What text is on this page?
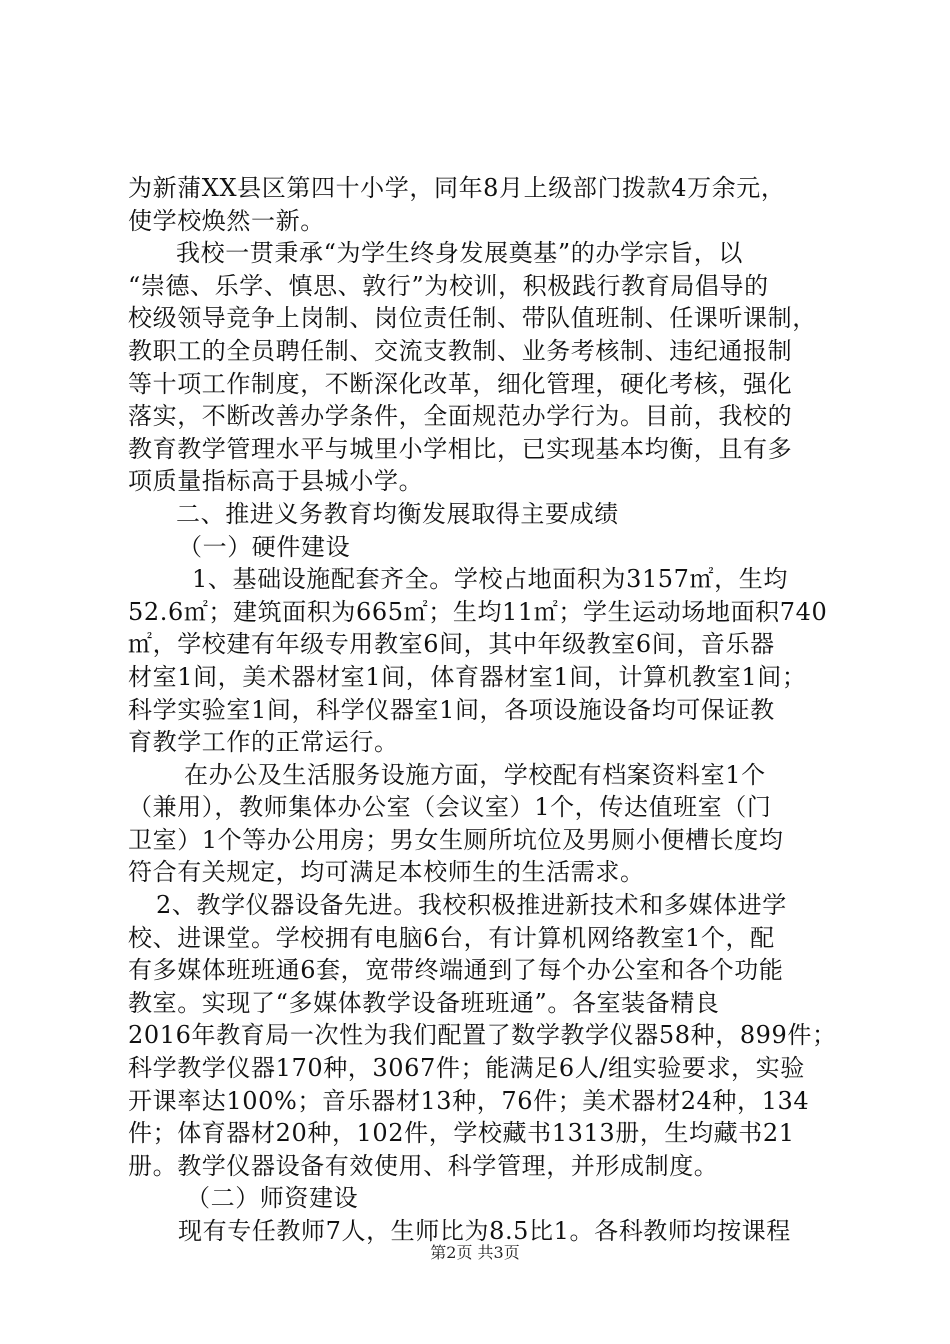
为新蒲XX县区第四十小学，同年8月上级部门拨款4万余元，
使学校焕然一新。
我校一贯秉承“为学生终身发展奠基”的办学宗旨，以
“崇德、乐学、慎思、敦行”为校训，积极践行教育局倡导的
校级领导竞争上岗制、岗位责任制、带队值班制、任课听课制，
教职工的全员聘任制、交流支教制、业务考核制、违纪通报制
等十项工作制度，不断深化改革，细化管理，硬化考核，强化
落实，不断改善办学条件，全面规范办学行为。目前，我校的
教育教学管理水平与城里小学相比，已实现基本均衡，且有多
项质量指标高于县城小学。
二、推进义务教育均衡发展取得主要成绩
（一）硬件建设
1、基础设施配套齐全。学校占地面积为3157㎡，生均
52.6㎡；建筑面积为665㎡；生均11㎡；学生运动场地面积740
㎡，学校建有年级专用教室6间，其中年级教室6间，音乐器
材室1间，美术器材室1间，体育器材室1间，计算机教室1间；
科学实验室1间，科学仪器室1间，各项设施设备均可保证教
育教学工作的正常运行。
在办公及生活服务设施方面，学校配有档案资料室1个
（兼用），教师集体办公室（会议室）1个，传达值班室（门
卫室）1个等办公用房；男女生厕所坑位及男厕小便槽长度均
符合有关规定，均可满足本校师生的生活需求。
2、教学仪器设备先进。我校积极推进新技术和多媒体进学
校、进课堂。学校拥有电脑6台，有计算机网络教室1个，配
有多媒体班班通6套，宽带终端通到了每个办公室和各个功能
教室。实现了“多媒体教学设备班班通”。各室装备精良
2016年教育局一次性为我们配置了数学教学仪器58种，899件；
科学教学仪器170种，3067件；能满足6人/组实验要求，实验
开课率达100%；音乐器材13种，76件；美术器材24种，134
件；体育器材20种，102件，学校藏书1313册，生均藏书21
册。教学仪器设备有效使用、科学管理，并形成制度。
（二）师资建设
现有专任教师7人，生师比为8.5比1。各科教师均按课程
第2页 共3页
